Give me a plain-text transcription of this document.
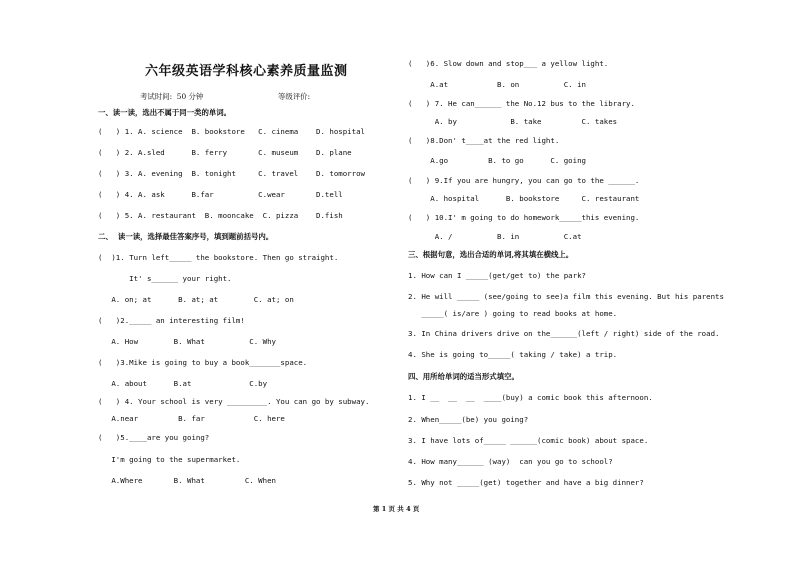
六年级英语学科核心素养质量监测
考试时间:  50 分钟	等级评价:
一、读一读，选出不属于同一类的单词。
(   ) 1. A. science  B. bookstore   C. cinema    D. hospital
(   ) 2. A.sled      B. ferry       C. museum    D. plane
(   ) 3. A. evening  B. tonight     C. travel    D. tomorrow
(   ) 4. A. ask      B.far          C.wear       D.tell
(   ) 5. A. restaurant  B. mooncake  C. pizza    D.fish
二、  读一读，选择最佳答案序号，填到题前括号内。
(  )1. Turn left_____ the bookstore. Then go straight.
It' s______ your right.
A. on; at      B. at; at        C. at; on
(   )2._____ an interesting film!
A. How        B. What          C. Why
(   )3.Mike is going to buy a book_______space.
A. about      B.at             C.by
(   ) 4. Your school is very _________. You can go by subway.
A.near         B. far           C. here
(   )5.____are you going?
I'm going to the supermarket.
A.Where       B. What         C. When
(   )6. Slow down and stop___ a yellow light.
A.at           B. on          C. in
(   ) 7. He can______ the No.12 bus to the library.
A. by            B. take         C. takes
(   )8.Don' t____at the red light.
A.go         B. to go      C. going
(   ) 9.If you are hungry, you can go to the ______.
A. hospital      B. bookstore     C. restaurant
(   ) 10.I' m going to do homework_____this evening.
A. /          B. in          C.at
三、根据句意，选出合适的单词,将其填在横线上。
1. How can I _____(get/get to) the park?
2. He will _____ (see/going to see)a film this evening. But his parents
_____( is/are ) going to read books at home.
3. In China drivers drive on the______(left / right) side of the road.
4. She is going to_____( taking / take) a trip.
四、用所给单词的适当形式填空。
1. I __  __  __  ____(buy) a comic book this afternoon.
2. When_____(be) you going?
3. I have lots of_____ ______(comic book) about space.
4. How many______ (way)  can you go to school?
5. Why not _____(get) together and have a big dinner?
第 1 页 共 4 页
